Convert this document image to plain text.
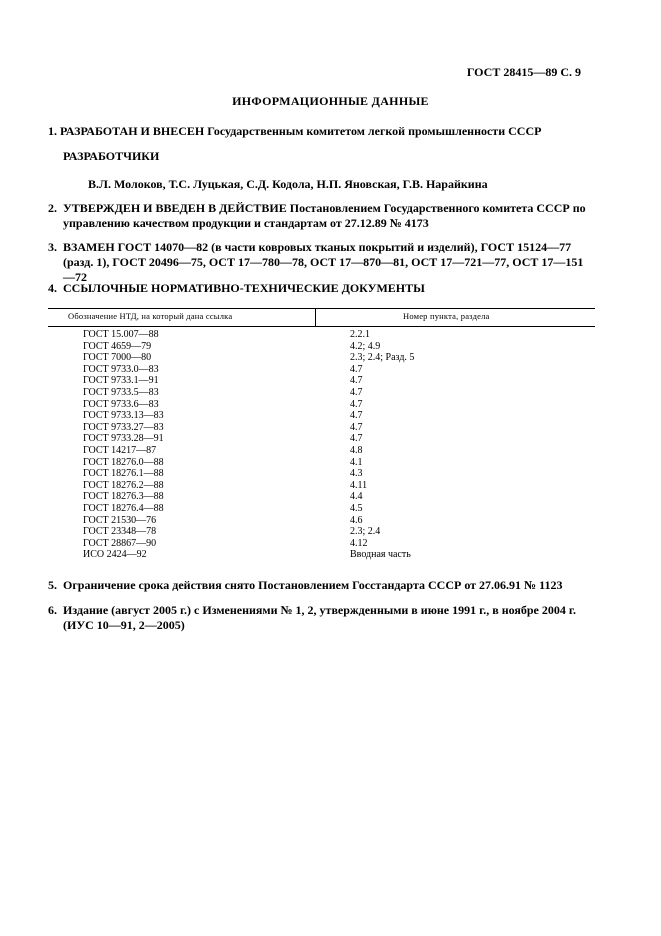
ГОСТ 28415—89 С. 9
ИНФОРМАЦИОННЫЕ ДАННЫЕ
1. РАЗРАБОТАН И ВНЕСЕН Государственным комитетом легкой промышленности СССР
РАЗРАБОТЧИКИ
В.Л. Молоков, Т.С. Луцькая, С.Д. Кодола, Н.П. Яновская, Г.В. Нарайкина
2. УТВЕРЖДЕН И ВВЕДЕН В ДЕЙСТВИЕ Постановлением Государственного комитета СССР по управлению качеством продукции и стандартам от 27.12.89 № 4173
3. ВЗАМЕН ГОСТ 14070—82 (в части ковровых тканых покрытий и изделий), ГОСТ 15124—77 (разд. 1), ГОСТ 20496—75, ОСТ 17—780—78, ОСТ 17—870—81, ОСТ 17—721—77, ОСТ 17—151—72
4. ССЫЛОЧНЫЕ НОРМАТИВНО-ТЕХНИЧЕСКИЕ ДОКУМЕНТЫ
Обозначение НТД, на который дана ссылка	Номер пункта, раздела
ГОСТ 15.007—88	2.2.1
ГОСТ 4659—79	4.2; 4.9
ГОСТ 7000—80	2.3; 2.4; Разд. 5
ГОСТ 9733.0—83	4.7
ГОСТ 9733.1—91	4.7
ГОСТ 9733.5—83	4.7
ГОСТ 9733.6—83	4.7
ГОСТ 9733.13—83	4.7
ГОСТ 9733.27—83	4.7
ГОСТ 9733.28—91	4.7
ГОСТ 14217—87	4.8
ГОСТ 18276.0—88	4.1
ГОСТ 18276.1—88	4.3
ГОСТ 18276.2—88	4.11
ГОСТ 18276.3—88	4.4
ГОСТ 18276.4—88	4.5
ГОСТ 21530—76	4.6
ГОСТ 23348—78	2.3; 2.4
ГОСТ 28867—90	4.12
ИСО 2424—92	Вводная часть
5. Ограничение срока действия снято Постановлением Госстандарта СССР от 27.06.91 № 1123
6. Издание (август 2005 г.) с Изменениями № 1, 2, утвержденными в июне 1991 г., в ноябре 2004 г. (ИУС 10—91, 2—2005)
